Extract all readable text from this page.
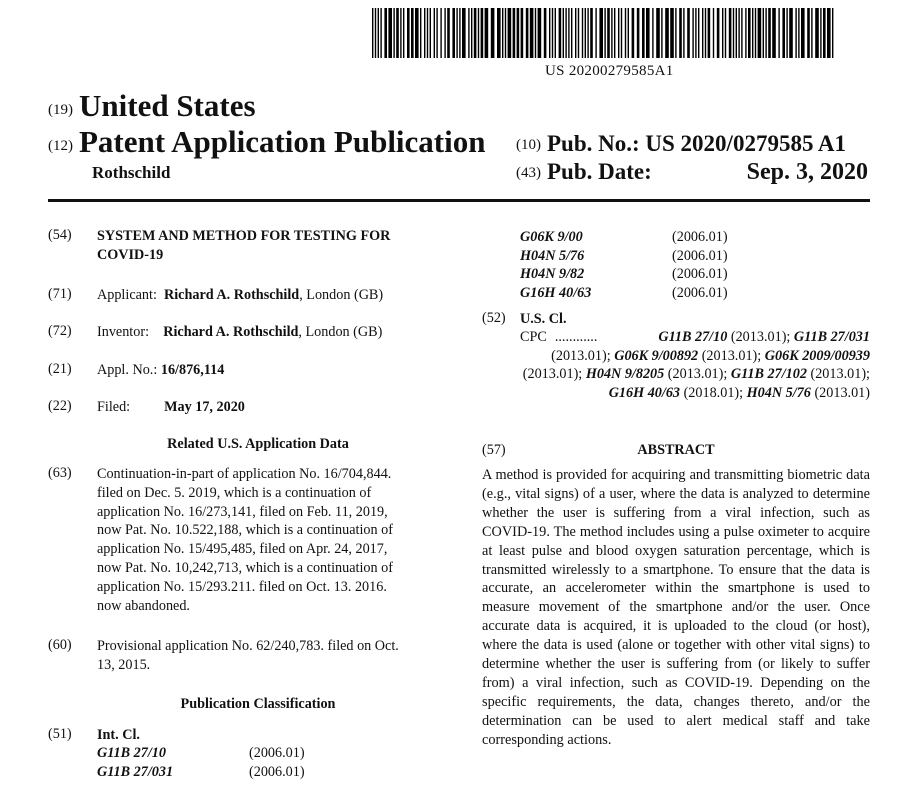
US 20200279585A1
(19) United States
(12) Patent Application Publication
Rothschild
(10) Pub. No.: US 2020/0279585 A1
(43) Pub. Date:	Sep. 3, 2020
(54) SYSTEM AND METHOD FOR TESTING FOR
COVID-19
(71) Applicant: Richard A. Rothschild, London (GB)
(72) Inventor: Richard A. Rothschild, London (GB)
(21) Appl. No.: 16/876,114
(22) Filed: May 17, 2020
Related U.S. Application Data
(63) Continuation-in-part of application No. 16/704,844.
filed on Dec. 5. 2019, which is a continuation of
application No. 16/273,141, filed on Feb. 11, 2019,
now Pat. No. 10.522,188, which is a continuation of
application No. 15/495,485, filed on Apr. 24, 2017,
now Pat. No. 10,242,713, which is a continuation of
application No. 15/293.211. filed on Oct. 13. 2016.
now abandoned.
(60) Provisional application No. 62/240,783. filed on Oct.
13, 2015.
Publication Classification
(51) Int. Cl.
G11B 27/10	(2006.01)
G11B 27/031	(2006.01)
G06K 9/00	(2006.01)
H04N 5/76	(2006.01)
H04N 9/82	(2006.01)
G16H 40/63	(2006.01)
(52) U.S. Cl.
CPC ............	G11B 27/10 (2013.01); G11B 27/031 (2013.01); G06K 9/00892 (2013.01); G06K 2009/00939 (2013.01); H04N 9/8205 (2013.01); G11B 27/102 (2013.01); G16H 40/63 (2018.01); H04N 5/76 (2013.01)
(57)	ABSTRACT
A method is provided for acquiring and transmitting biometric data (e.g., vital signs) of a user, where the data is analyzed to determine whether the user is suffering from a viral infection, such as COVID-19. The method includes using a pulse oximeter to acquire at least pulse and blood oxygen saturation percentage, which is transmitted wirelessly to a smartphone. To ensure that the data is accurate, an accelerometer within the smartphone is used to measure movement of the smartphone and/or the user. Once accurate data is acquired, it is uploaded to the cloud (or host), where the data is used (alone or together with other vital signs) to determine whether the user is suffering from (or likely to suffer from) a viral infection, such as COVID-19. Depending on the specific requirements, the data, changes thereto, and/or the determination can be used to alert medical staff and take corresponding actions.
